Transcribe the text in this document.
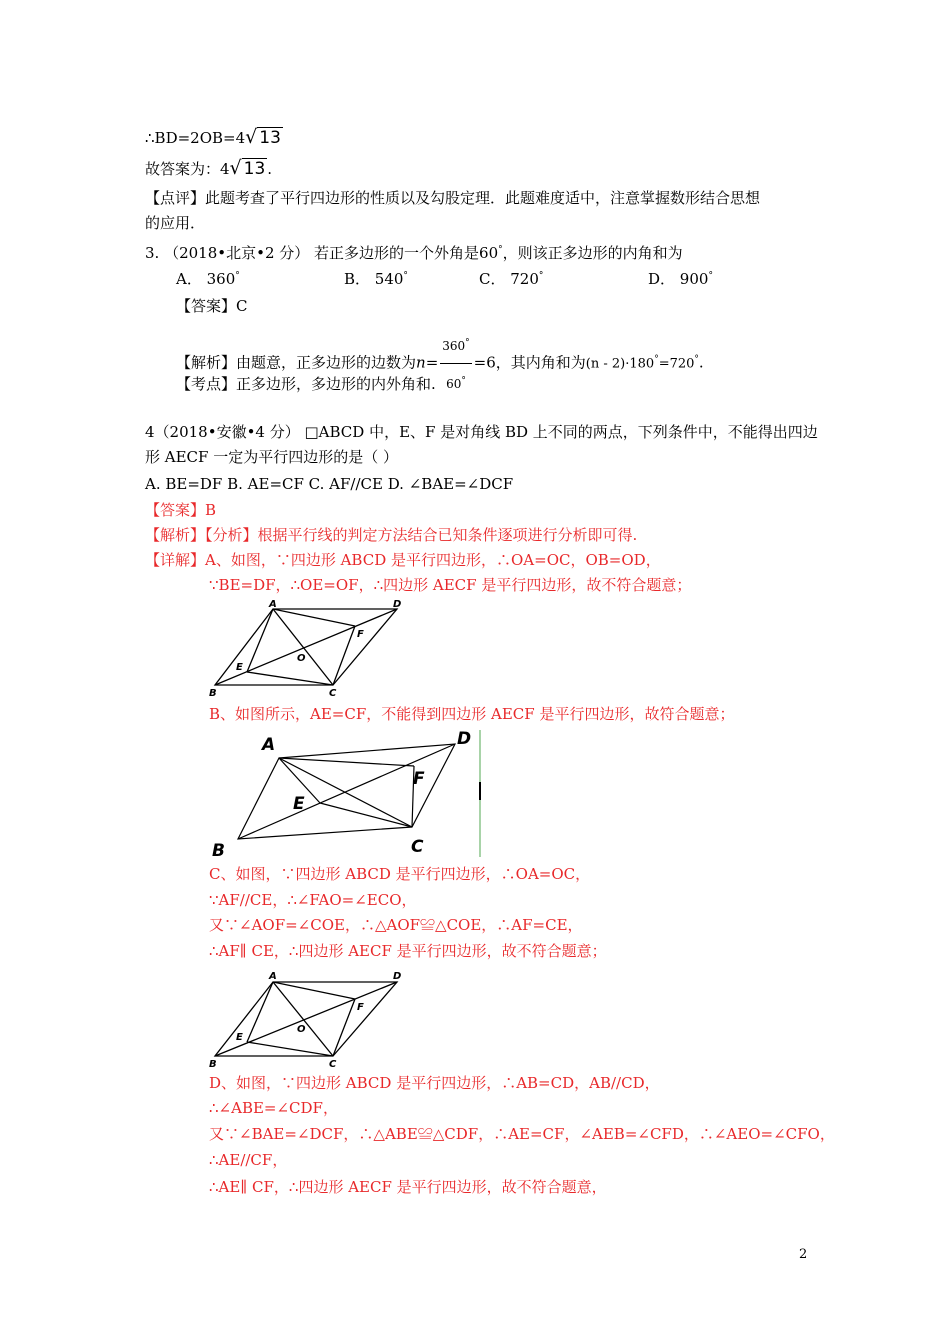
∴BD=2OB=4√ 13
故答案为：4√ 13 .
【点评】此题考查了平行四边形的性质以及勾股定理．此题难度适中，注意掌握数形结合思想
的应用．
3. （2018•北京•2 分） 若正多边形的一个外角是60°，则该正多边形的内角和为
A． 360°	B． 540°	C． 720°	D． 900°
【答案】C
【解析】由题意，正多边形的边数为$n= \frac{360^\circ}{60^\circ} =6$，其内角和为(n - 2)·180°=720°.
【考点】正多边形，多边形的内外角和.
4（2018•安徽•4 分） □ABCD 中，E、F 是对角线 BD 上不同的两点，下列条件中，不能得出四边
形 AECF 一定为平行四边形的是（ ）
A. BE=DF B. AE=CF C. AF//CE D. ∠BAE=∠DCF
【答案】B
【解析】【分析】根据平行线的判定方法结合已知条件逐项进行分析即可得.
【详解】A、如图，∵四边形 ABCD 是平行四边形，∴OA=OC，OB=OD，
∵BE=DF，∴OE=OF，∴四边形 AECF 是平行四边形，故不符合题意；
A	D
B	C
E
F
O
B、如图所示，AE=CF，不能得到四边形 AECF 是平行四边形，故符合题意；
A	D
B	C
E
F
C、如图，∵四边形 ABCD 是平行四边形，∴OA=OC，
∵AF//CE，∴∠FAO=∠ECO，
又∵∠AOF=∠COE，∴△AOF≌△COE，∴AF=CE，
∴AF∥ CE，∴四边形 AECF 是平行四边形，故不符合题意；
A	D
B	C
E
F
O
D、如图，∵四边形 ABCD 是平行四边形，∴AB=CD，AB//CD，
∴∠ABE=∠CDF，
又∵∠BAE=∠DCF，∴△ABE≌△CDF，∴AE=CF，∠AEB=∠CFD，∴∠AEO=∠CFO，
∴AE//CF，
∴AE∥ CF，∴四边形 AECF 是平行四边形，故不符合题意，
2
